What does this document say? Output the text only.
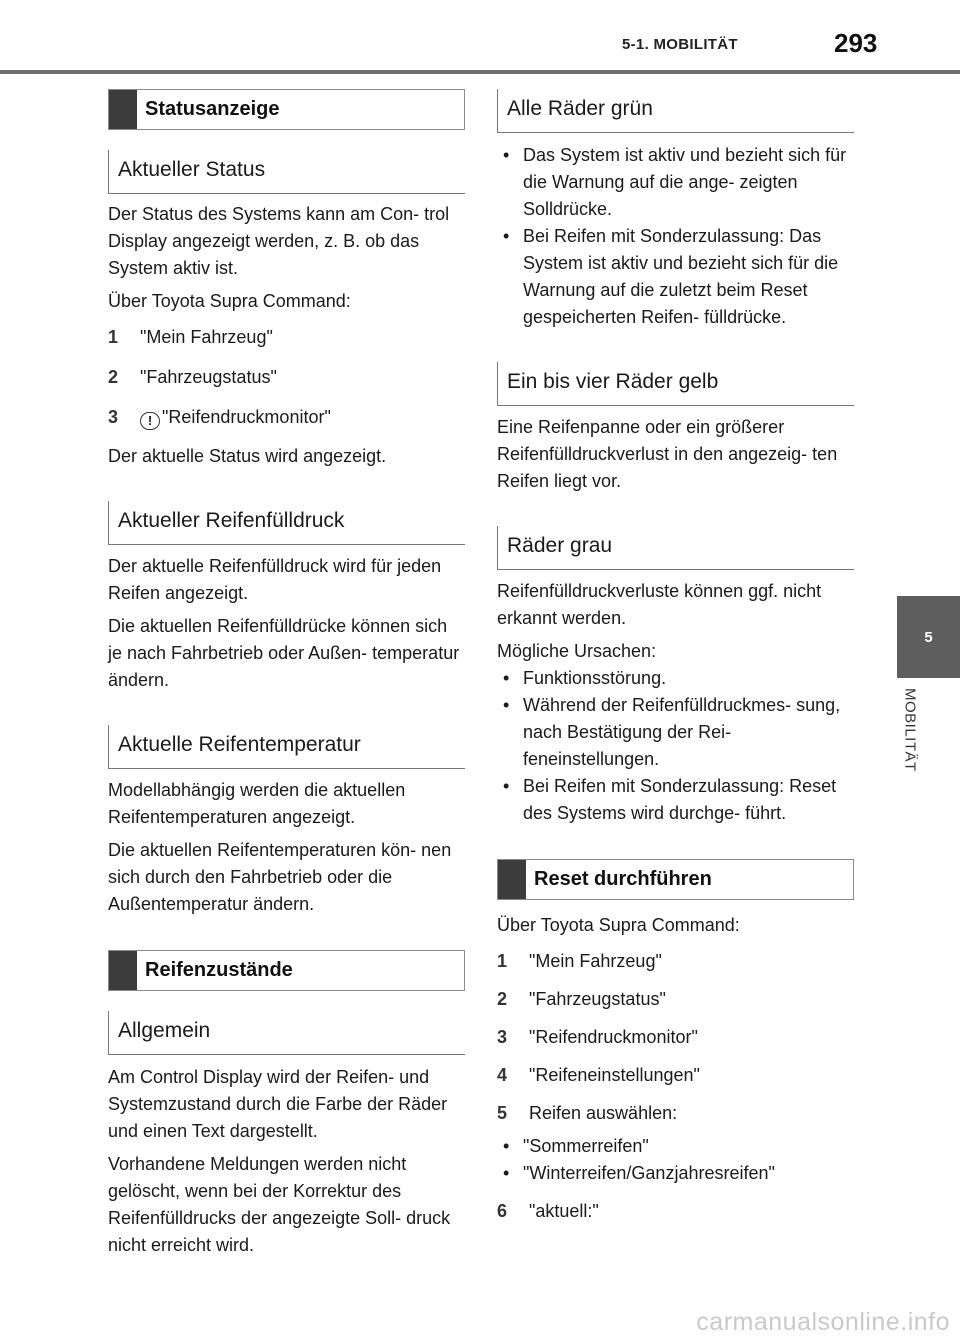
5-1. MOBILITÄT	293
5
MOBILITÄT
Statusanzeige
Aktueller Status

Der Status des Systems kann am Con- trol Display angezeigt werden, z. B. ob das System aktiv ist.

Über Toyota Supra Command:

1	"Mein Fahrzeug"
2	"Fahrzeugstatus"
3	! "Reifendruckmonitor"

Der aktuelle Status wird angezeigt.

Aktueller Reifenfülldruck

Der aktuelle Reifenfülldruck wird für jeden Reifen angezeigt.

Die aktuellen Reifenfülldrücke können sich je nach Fahrbetrieb oder Außen- temperatur ändern.

Aktuelle Reifentemperatur

Modellabhängig werden die aktuellen Reifentemperaturen angezeigt.

Die aktuellen Reifentemperaturen kön- nen sich durch den Fahrbetrieb oder die Außentemperatur ändern.

Reifenzustände
Allgemein

Am Control Display wird der Reifen- und Systemzustand durch die Farbe der Räder und einen Text dargestellt.

Vorhandene Meldungen werden nicht gelöscht, wenn bei der Korrektur des Reifenfülldrucks der angezeigte Soll- druck nicht erreicht wird.

Alle Räder grün
• Das System ist aktiv und bezieht sich für die Warnung auf die ange- zeigten Solldrücke.
• Bei Reifen mit Sonderzulassung: Das System ist aktiv und bezieht sich für die Warnung auf die zuletzt beim Reset gespeicherten Reifen- fülldrücke.
Ein bis vier Räder gelb

Eine Reifenpanne oder ein größerer Reifenfülldruckverlust in den angezeig- ten Reifen liegt vor.

Räder grau

Reifenfülldruckverluste können ggf. nicht erkannt werden.

Mögliche Ursachen:

• Funktionsstörung.
• Während der Reifenfülldruckmes- sung, nach Bestätigung der Rei- feneinstellungen.
• Bei Reifen mit Sonderzulassung: Reset des Systems wird durchge- führt.
Reset durchführen

Über Toyota Supra Command:

1	"Mein Fahrzeug"
2	"Fahrzeugstatus"
3	"Reifendruckmonitor"
4	"Reifeneinstellungen"
5	Reifen auswählen:
• "Sommerreifen"
• "Winterreifen/Ganzjahresreifen"
6	"aktuell:"
carmanualsonline.info
